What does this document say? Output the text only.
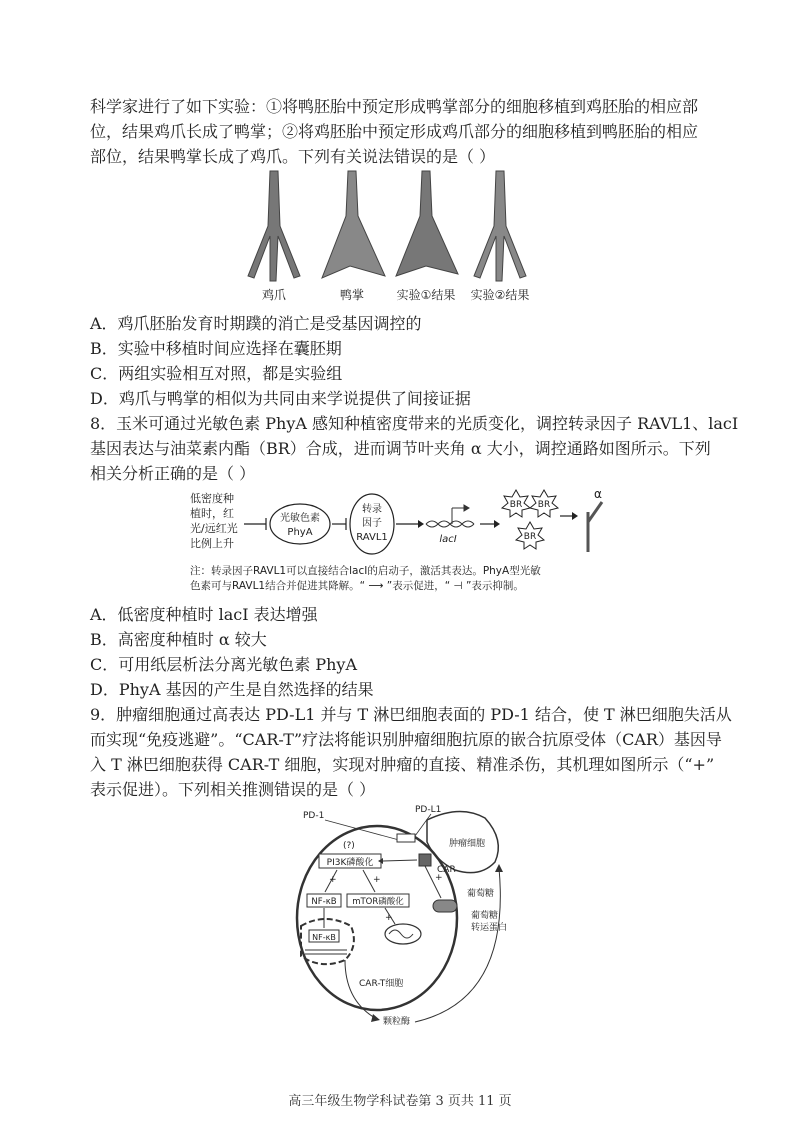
科学家进行了如下实验：①将鸭胚胎中预定形成鸭掌部分的细胞移植到鸡胚胎的相应部
位，结果鸡爪长成了鸭掌；②将鸡胚胎中预定形成鸡爪部分的细胞移植到鸭胚胎的相应
部位，结果鸭掌长成了鸡爪。下列有关说法错误的是（ ）
鸡爪	鸭掌	实验①结果 实验②结果
A．鸡爪胚胎发育时期蹼的消亡是受基因调控的
B．实验中移植时间应选择在囊胚期
C．两组实验相互对照，都是实验组
D．鸡爪与鸭掌的相似为共同由来学说提供了间接证据
8．玉米可通过光敏色素 PhyA 感知种植密度带来的光质变化，调控转录因子 RAVL1、lacI
基因表达与油菜素内酯（BR）合成，进而调节叶夹角 α 大小，调控通路如图所示。下列
相关分析正确的是（ ）
低密度种
植时，红
光/远红光
比例上升
光敏色素
PhyA
转录
因子
RAVL1	lacI
BR BR
BR
α
注：转录因子RAVL1可以直接结合lacI的启动子，激活其表达。PhyA型光敏
色素可与RAVL1结合并促进其降解。“ ⟶ ”表示促进，“ ⊣ ”表示抑制。
A．低密度种植时 lacI 表达增强
B．高密度种植时 α 较大
C．可用纸层析法分离光敏色素 PhyA
D．PhyA 基因的产生是自然选择的结果
9．肿瘤细胞通过高表达 PD-L1 并与 T 淋巴细胞表面的 PD-1 结合，使 T 淋巴细胞失活从
而实现“免疫逃避”。“CAR-T”疗法将能识别肿瘤细胞抗原的嵌合抗原受体（CAR）基因导
入 T 淋巴细胞获得 CAR-T 细胞，实现对肿瘤的直接、精准杀伤，其机理如图所示（“+”
表示促进）。下列相关推测错误的是（ ）
肿瘤细胞
PD-1
PD-L1
CAR
(?)
PI3K磷酸化
+	+
NF-κB mTOR磷酸化
NF-κB
+
葡萄糖
葡萄糖
转运蛋白
+
CAR-T细胞
颗粒酶
高三年级生物学科试卷第 3 页共 11 页
